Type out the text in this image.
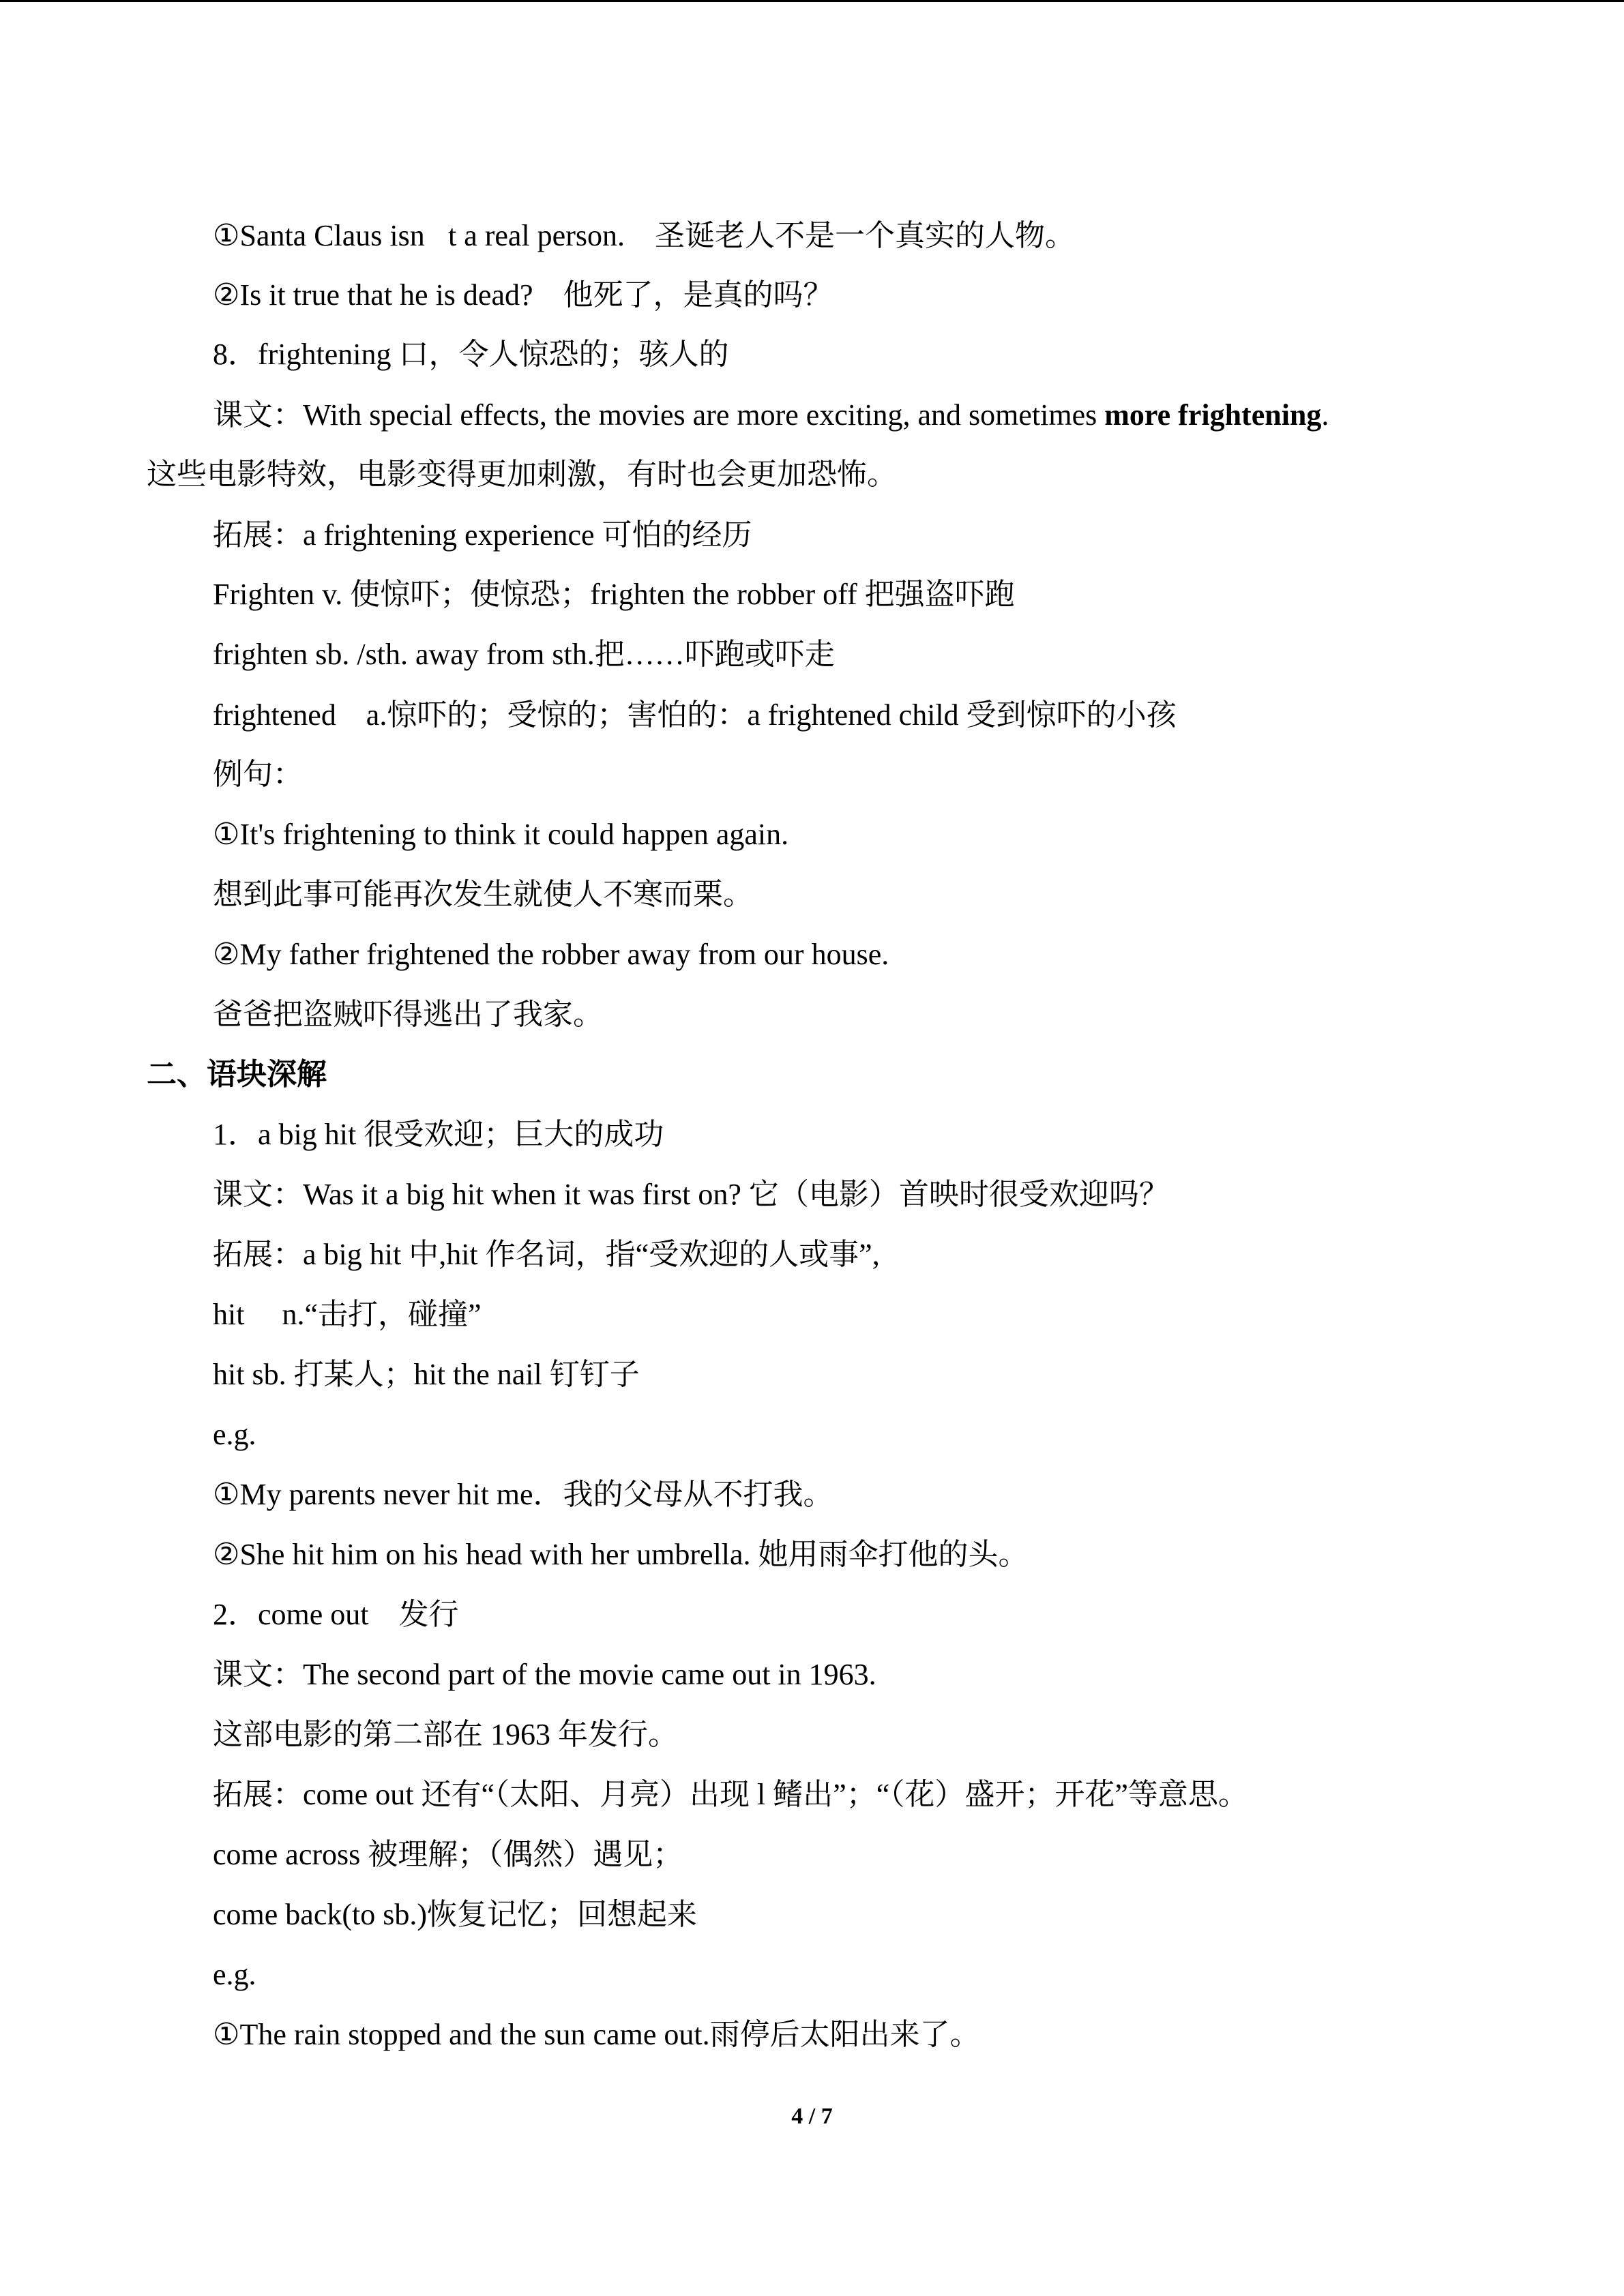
①Santa Claus isn t a real person.　圣诞老人不是一个真实的人物。
②Is it true that he is dead?　他死了，是真的吗？
8．frightening 口，令人惊恐的；骇人的
课文：With special effects, the movies are more exciting, and sometimes more frightening.
这些电影特效，电影变得更加刺激，有时也会更加恐怖。
拓展：a frightening experience 可怕的经历
Frighten v. 使惊吓；使惊恐；frighten the robber off 把强盗吓跑
frighten sb. /sth. away from sth.把……吓跑或吓走
frightened　a.惊吓的；受惊的；害怕的：a frightened child 受到惊吓的小孩
例句：
①It's frightening to think it could happen again.
想到此事可能再次发生就使人不寒而栗。
②My father frightened the robber away from our house.
爸爸把盗贼吓得逃出了我家。
二、语块深解
1．a big hit 很受欢迎；巨大的成功
课文：Was it a big hit when it was first on? 它（电影）首映时很受欢迎吗？
拓展：a big hit 中,hit 作名词，指“受欢迎的人或事”,
hit　 n.“击打，碰撞”
hit sb. 打某人；hit the nail 钉钉子
e.g.
①My parents never hit me．我的父母从不打我。
②She hit him on his head with her umbrella. 她用雨伞打他的头。
2．come out　发行
课文：The second part of the movie came out in 1963.
这部电影的第二部在 1963 年发行。
拓展：come out 还有“（太阳、月亮）出现 l 鳍出”；“（花）盛开；开花”等意思。
come across 被理解；（偶然）遇见；
come back(to sb.)恢复记忆；回想起来
e.g.
①The rain stopped and the sun came out.雨停后太阳出来了。
4 / 7
